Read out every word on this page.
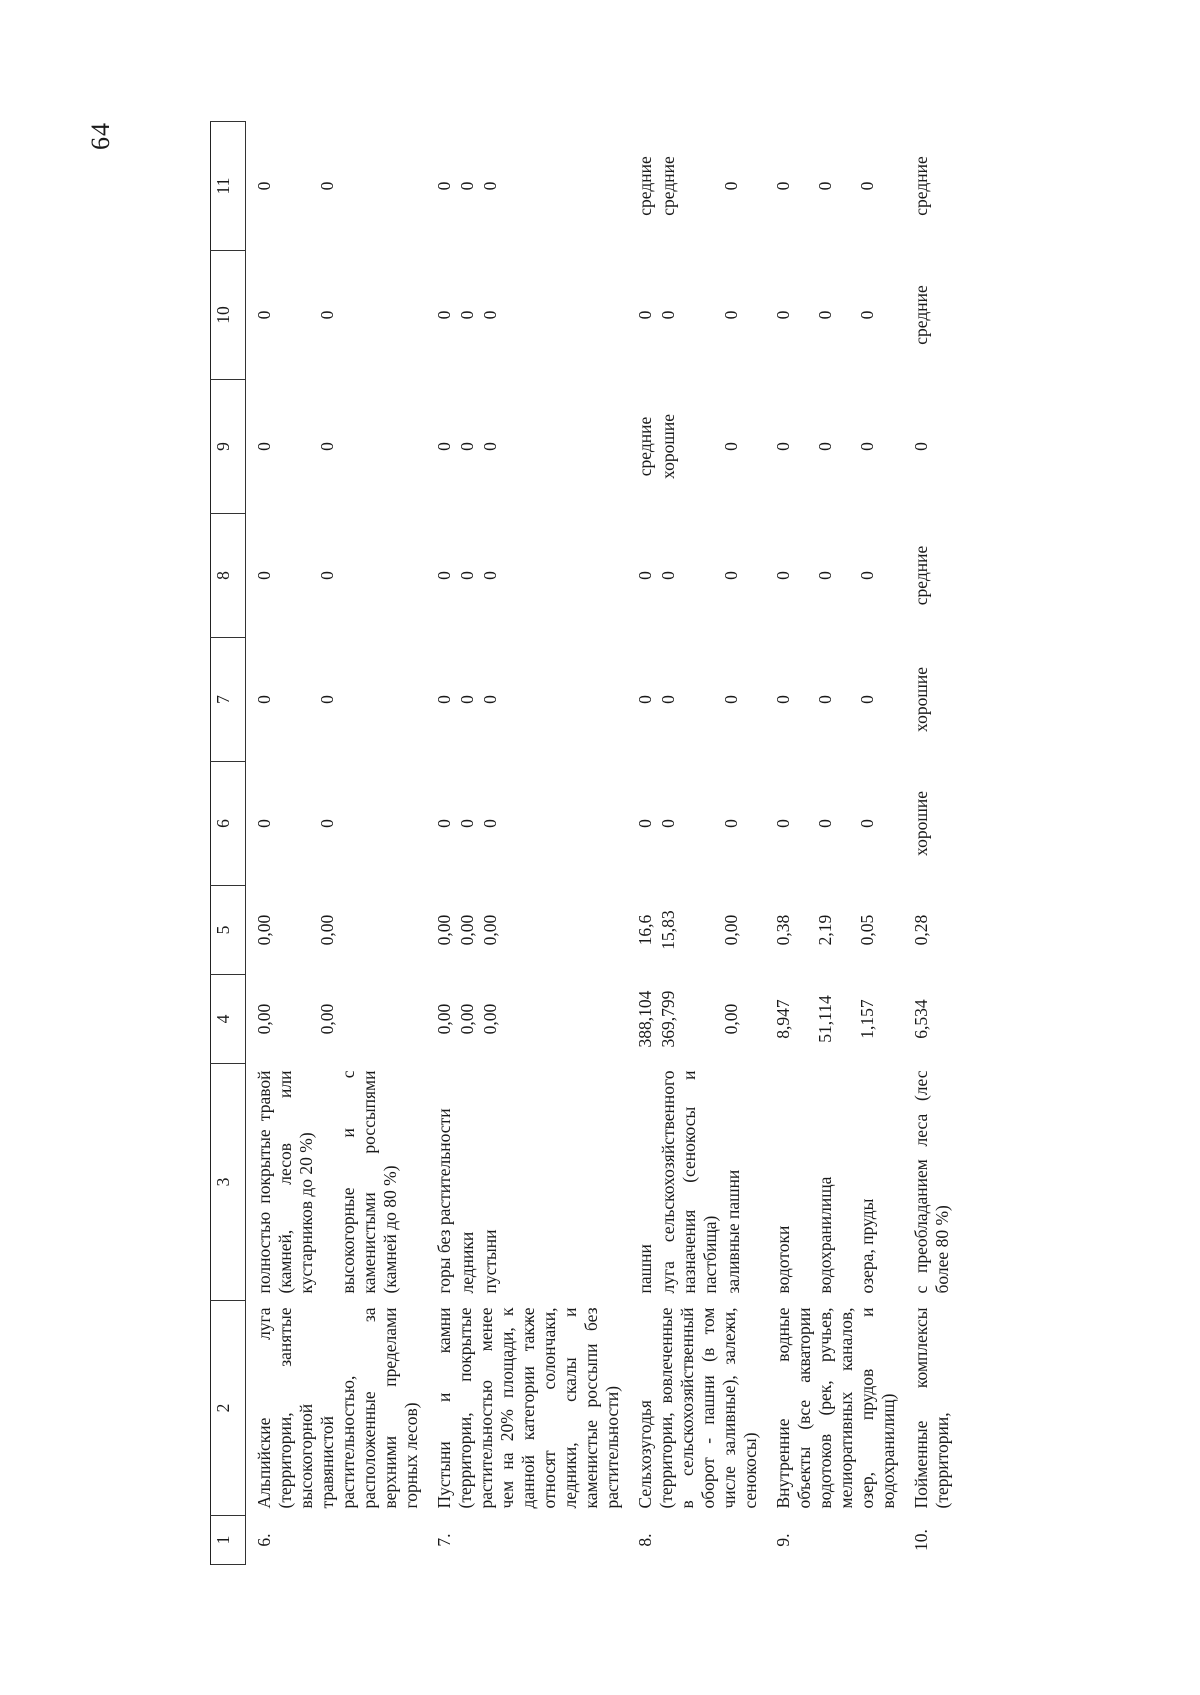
64
1	2	3	4	5	6	7	8	9	10	11
6.	Альпийские луга (территории, занятые высокогорной травянистой растительностью, расположенные за верхними пределами горных лесов)	полностью покрытые травой (камней, лесов или кустарников до 20 %) высокогорные и с каменистыми россыпями (камней до 80 %)	0,00 0,00	0,00 0,00	0 0	0 0	0 0	0 0	0 0	0 0

7.	Пустыни и камни (территории, покрытые растительностью менее чем на 20% площади, к данной категории также относят солончаки, ледники, скалы и каменистые россыпи без растительности)	горы без растительности ледники пустыни	0,00 0,00 0,00	0,00 0,00 0,00	0 0 0	0 0 0	0 0 0	0 0 0	0 0 0	0 0 0

8.	Сельхозугодья (территории, вовлеченные в сельскохозяйственный оборот - пашни (в том числе заливные), залежи, сенокосы)	пашни луга сельскохозяйственного назначения (сенокосы и пастбища) заливные пашни	388,104 369,799 0,00	16,6 15,83 0,00	0 0 0	0 0 0	0 0 0	средние хорошие 0	0 0 0	средние средние 0

9.	Внутренние водные объекты (все акватории водотоков (рек, ручьев, мелиоративных каналов, озер, прудов и водохранилищ)	водотоки водохранилища озера, пруды	8,947 51,114 1,157	0,38 2,19 0,05	0 0 0	0 0 0	0 0 0	0 0 0	0 0 0	0 0 0

10.	Пойменные комплексы (территории,	с преобладанием леса (лес более 80 %)	6,534	0,28	хорошие	хорошие	средние	0	средние	средние
